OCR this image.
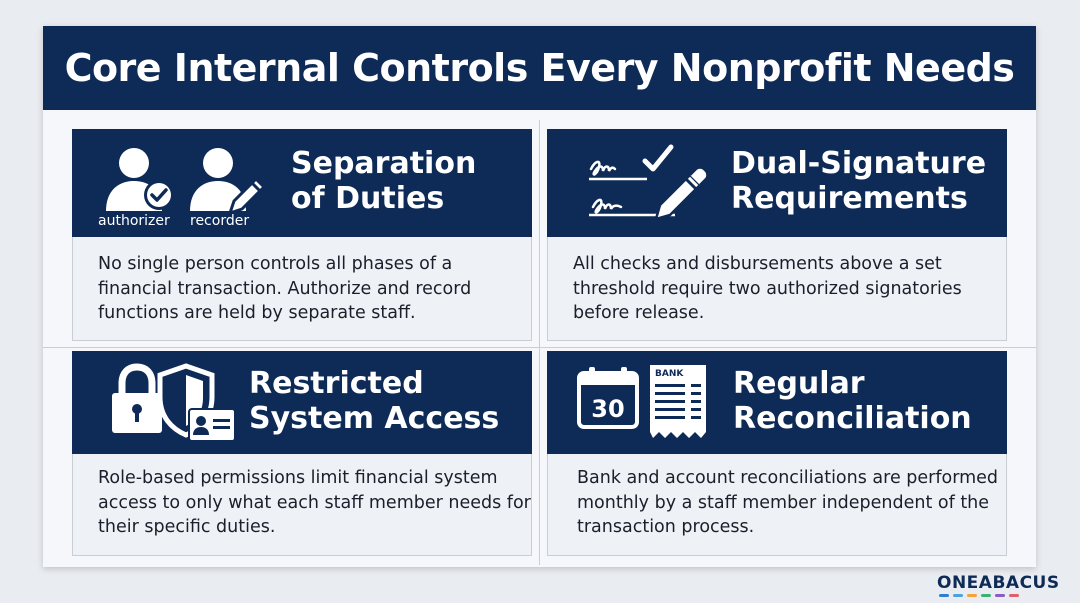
Core Internal Controls Every Nonprofit Needs
authorizer recorder
Separation
of Duties

No single person controls all phases of a financial transaction. Authorize and record functions are held by separate staff.

Dual-Signature
Requirements

All checks and disbursements above a set threshold require two authorized signatories before release.

Restricted
System Access

Role-based permissions limit financial system access to only what each staff member needs for their specific duties.

30
BANK Regular
Reconciliation

Bank and account reconciliations are performed monthly by a staff member independent of the transaction process.

ONEABACUS
